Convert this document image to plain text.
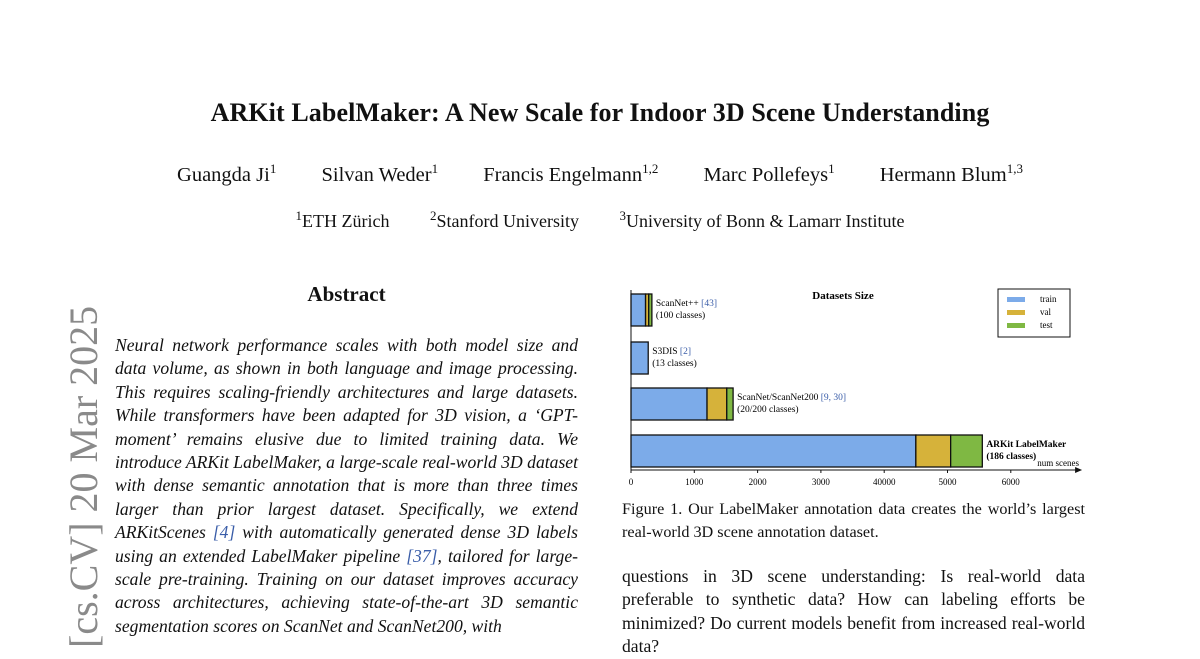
[cs.CV] 20 Mar 2025
ARKit LabelMaker: A New Scale for Indoor 3D Scene Understanding
Guangda Ji$^1$ Silvan Weder$^1$ Francis Engelmann$^{1,2}$ Marc Pollefeys$^1$ Hermann Blum$^{1,3}$
$^1$ETH Zürich	$^2$Stanford University	$^3$University of Bonn & Lamarr Institute
Abstract

Neural network performance scales with both model size and data volume, as shown in both language and image processing. This requires scaling-friendly architectures and large datasets. While transformers have been adapted for 3D vision, a ‘GPT-moment’ remains elusive due to limited training data. We introduce ARKit LabelMaker, a large-scale real-world 3D dataset with dense semantic annotation that is more than three times larger than prior largest dataset. Specifically, we extend ARKitScenes [4] with automatically generated dense 3D labels using an extended LabelMaker pipeline [37], tailored for large-scale pre-training. Training on our dataset improves accuracy across architectures, achieving state-of-the-art 3D semantic segmentation scores on ScanNet and ScanNet200, with

Datasets Size
ScanNet++ [43]
(100 classes)
S3DIS [2]
(13 classes)
ScanNet/ScanNet200 [9, 30]
(20/200 classes)
ARKit LabelMaker
(186 classes)
0	1000	2000	3000	40000	5000	6000
num scenes
train
val
test

Figure 1. Our LabelMaker annotation data creates the world’s largest real-world 3D scene annotation dataset.

questions in 3D scene understanding: Is real-world data preferable to synthetic data? How can labeling efforts be minimized? Do current models benefit from increased real-world data?
